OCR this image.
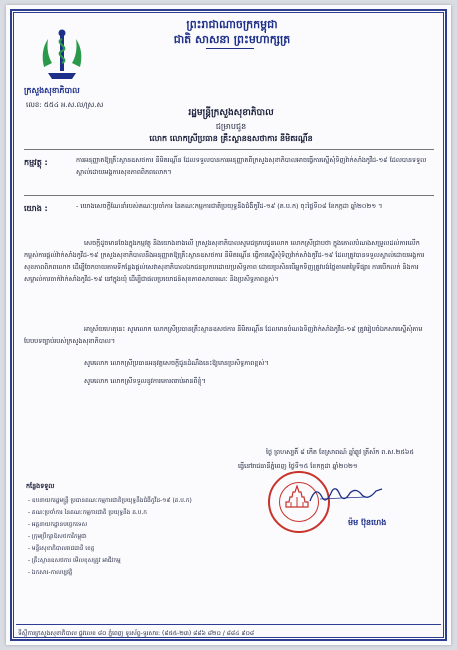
ព្រះរាជាណាចក្រកម្ពុជា
ជាតិ សាសនា ព្រះមហាក្សត្រ
ក្រសួងសុខាភិបាល
លេខ: ៥៥៤ អ.ស.ល/ស្រ.ស
រដ្ឋមន្ត្រីក្រសួងសុខាភិបាល
ជម្រាបជូន
លោក លោកស្រីប្រធាន គ្រឹះស្ថានឧសថាការ នីមិតរណ្តិ៍ន
កម្មវត្ថុ :	ការអនុញ្ញាតឱ្យគ្រឹះស្ថានឧសថការ នីមិតរណ្តិ៍ន ដែលទទួលបានការអនុញ្ញាតពីក្រសួងសុខាភិបាលអាចធ្វើការស្នើសុំទិញវ៉ាក់សាំងកូវីដ-១៩ ដែលបានទទួលស្គាល់ដោយអង្គការសុខភាពពិភពលោក។
យោង :	- យោងសេចក្តីណែនាំរបស់គណៈប្រចាំការ នៃគណៈកម្មការជាតិប្រយុទ្ធនឹងជំងឺកូវីដ-១៩ (គ.ប.ក) ចុះថ្ងៃទី០៨ ខែកក្កដា ឆ្នាំ២០២១ ។
សេចក្តីដូចមានចែងក្នុងកម្មវត្ថុ និងយោងខាងលើ ក្រសួងសុខាភិបាលសូមជម្រាបជូនលោក លោកស្រីជ្រាបថា ក្នុងគោលបំណងសម្រួលដល់ការលើកកម្ពស់ការផ្តល់វ៉ាក់សាំងកូវីដ-១៩ ក្រសួងសុខាភិបាលនឹងអនុញ្ញាតឱ្យគ្រឹះស្ថានឧសថការ នីមិតរណ្តិ៍ន ធ្វើការស្នើសុំទិញវ៉ាក់សាំងកូវីដ-១៩ ដែលត្រូវបានទទួលស្គាល់ដោយអង្គការសុខភាពពិភពលោក ដើម្បីចែកចាយតាមទីកន្លែងផ្តល់សេវាសុខាភិបាលឯកជនប្រកបដោយប្រសិទ្ធភាព ដោយប្រសិនបើអ្នកទិញត្រូវបង់ថ្លៃតាមតម្លៃទីផ្សារ ការបើកលក់ និងការសម្គាល់ការចាក់វ៉ាក់សាំងកូវីដ-១៩ នៅក្នុងឃុំ ដើម្បីជាផលប្រយោជន៍សុខភាពសាធារណៈ និងប្រសិទ្ធភាពខ្ពស់។
អាស្រ័យហេតុនេះ សូមលោក លោកស្រីប្រធានគ្រឹះស្ថានឧសថការ នីមិតរណ្តិ៍ន ដែលមានបំណងទិញវ៉ាក់សាំងកូវីដ-១៩ ត្រូវរៀបចំឯកសារស្នើសុំតាមបែបបទច្បាប់របស់ក្រសួងសុខាភិបាល។
សូមលោក លោកស្រីប្រធានអនុវត្តសេចក្តីជូនដំណឹងនេះឱ្យមានប្រសិទ្ធភាពខ្ពស់។
សូមលោក លោកស្រីទទួលនូវការគោរពរាប់អានពីខ្ញុំ។
ថ្ងៃ ព្រហស្បតិ៍ ៨ កើត ខែស្រាពណ៍ ឆ្នាំឆ្លូវ ត្រីស័ក ព.ស.២៥៦៥
ធ្វើនៅរាជធានីភ្នំពេញ ថ្ងៃទី១៥ ខែកក្កដា ឆ្នាំ២០២១
កន្លែងទទួល
- ឧបនាយករដ្ឋមន្ត្រី ប្រធានគណៈកម្មការជាតិប្រយុទ្ធនឹងជំងឺកូវីដ-១៩ (គ.ប.ក)
- គណៈប្រចាំការ នៃគណៈកម្មការជាតិ ប្រយុទ្ធនឹង គ.ប.ក
- អគ្គនាយកដ្ឋានបច្ចេកទេស
- ក្រុមប្រឹក្សាឱសថការីកម្ពុជា
- មន្ទីរសុខាភិបាលរាជធានី ខេត្ត
- គ្រឹះស្ថានឧសថការ មើលខុសត្រូវ អាជីវកម្ម
- ឯកសារ-កាលប្បវត្តិ
ម៉ម ប៊ុនហេង
ទីស្តីការក្រសួងសុខាភិបាល ផ្លូវលេខ ៨០ ភ្នំពេញ ទូរស័ព្ទ-ទូរសារ: (៨៥៥-២៣) ៨៨៦ ៨២០ / ៨៨៤ ៩០៨
